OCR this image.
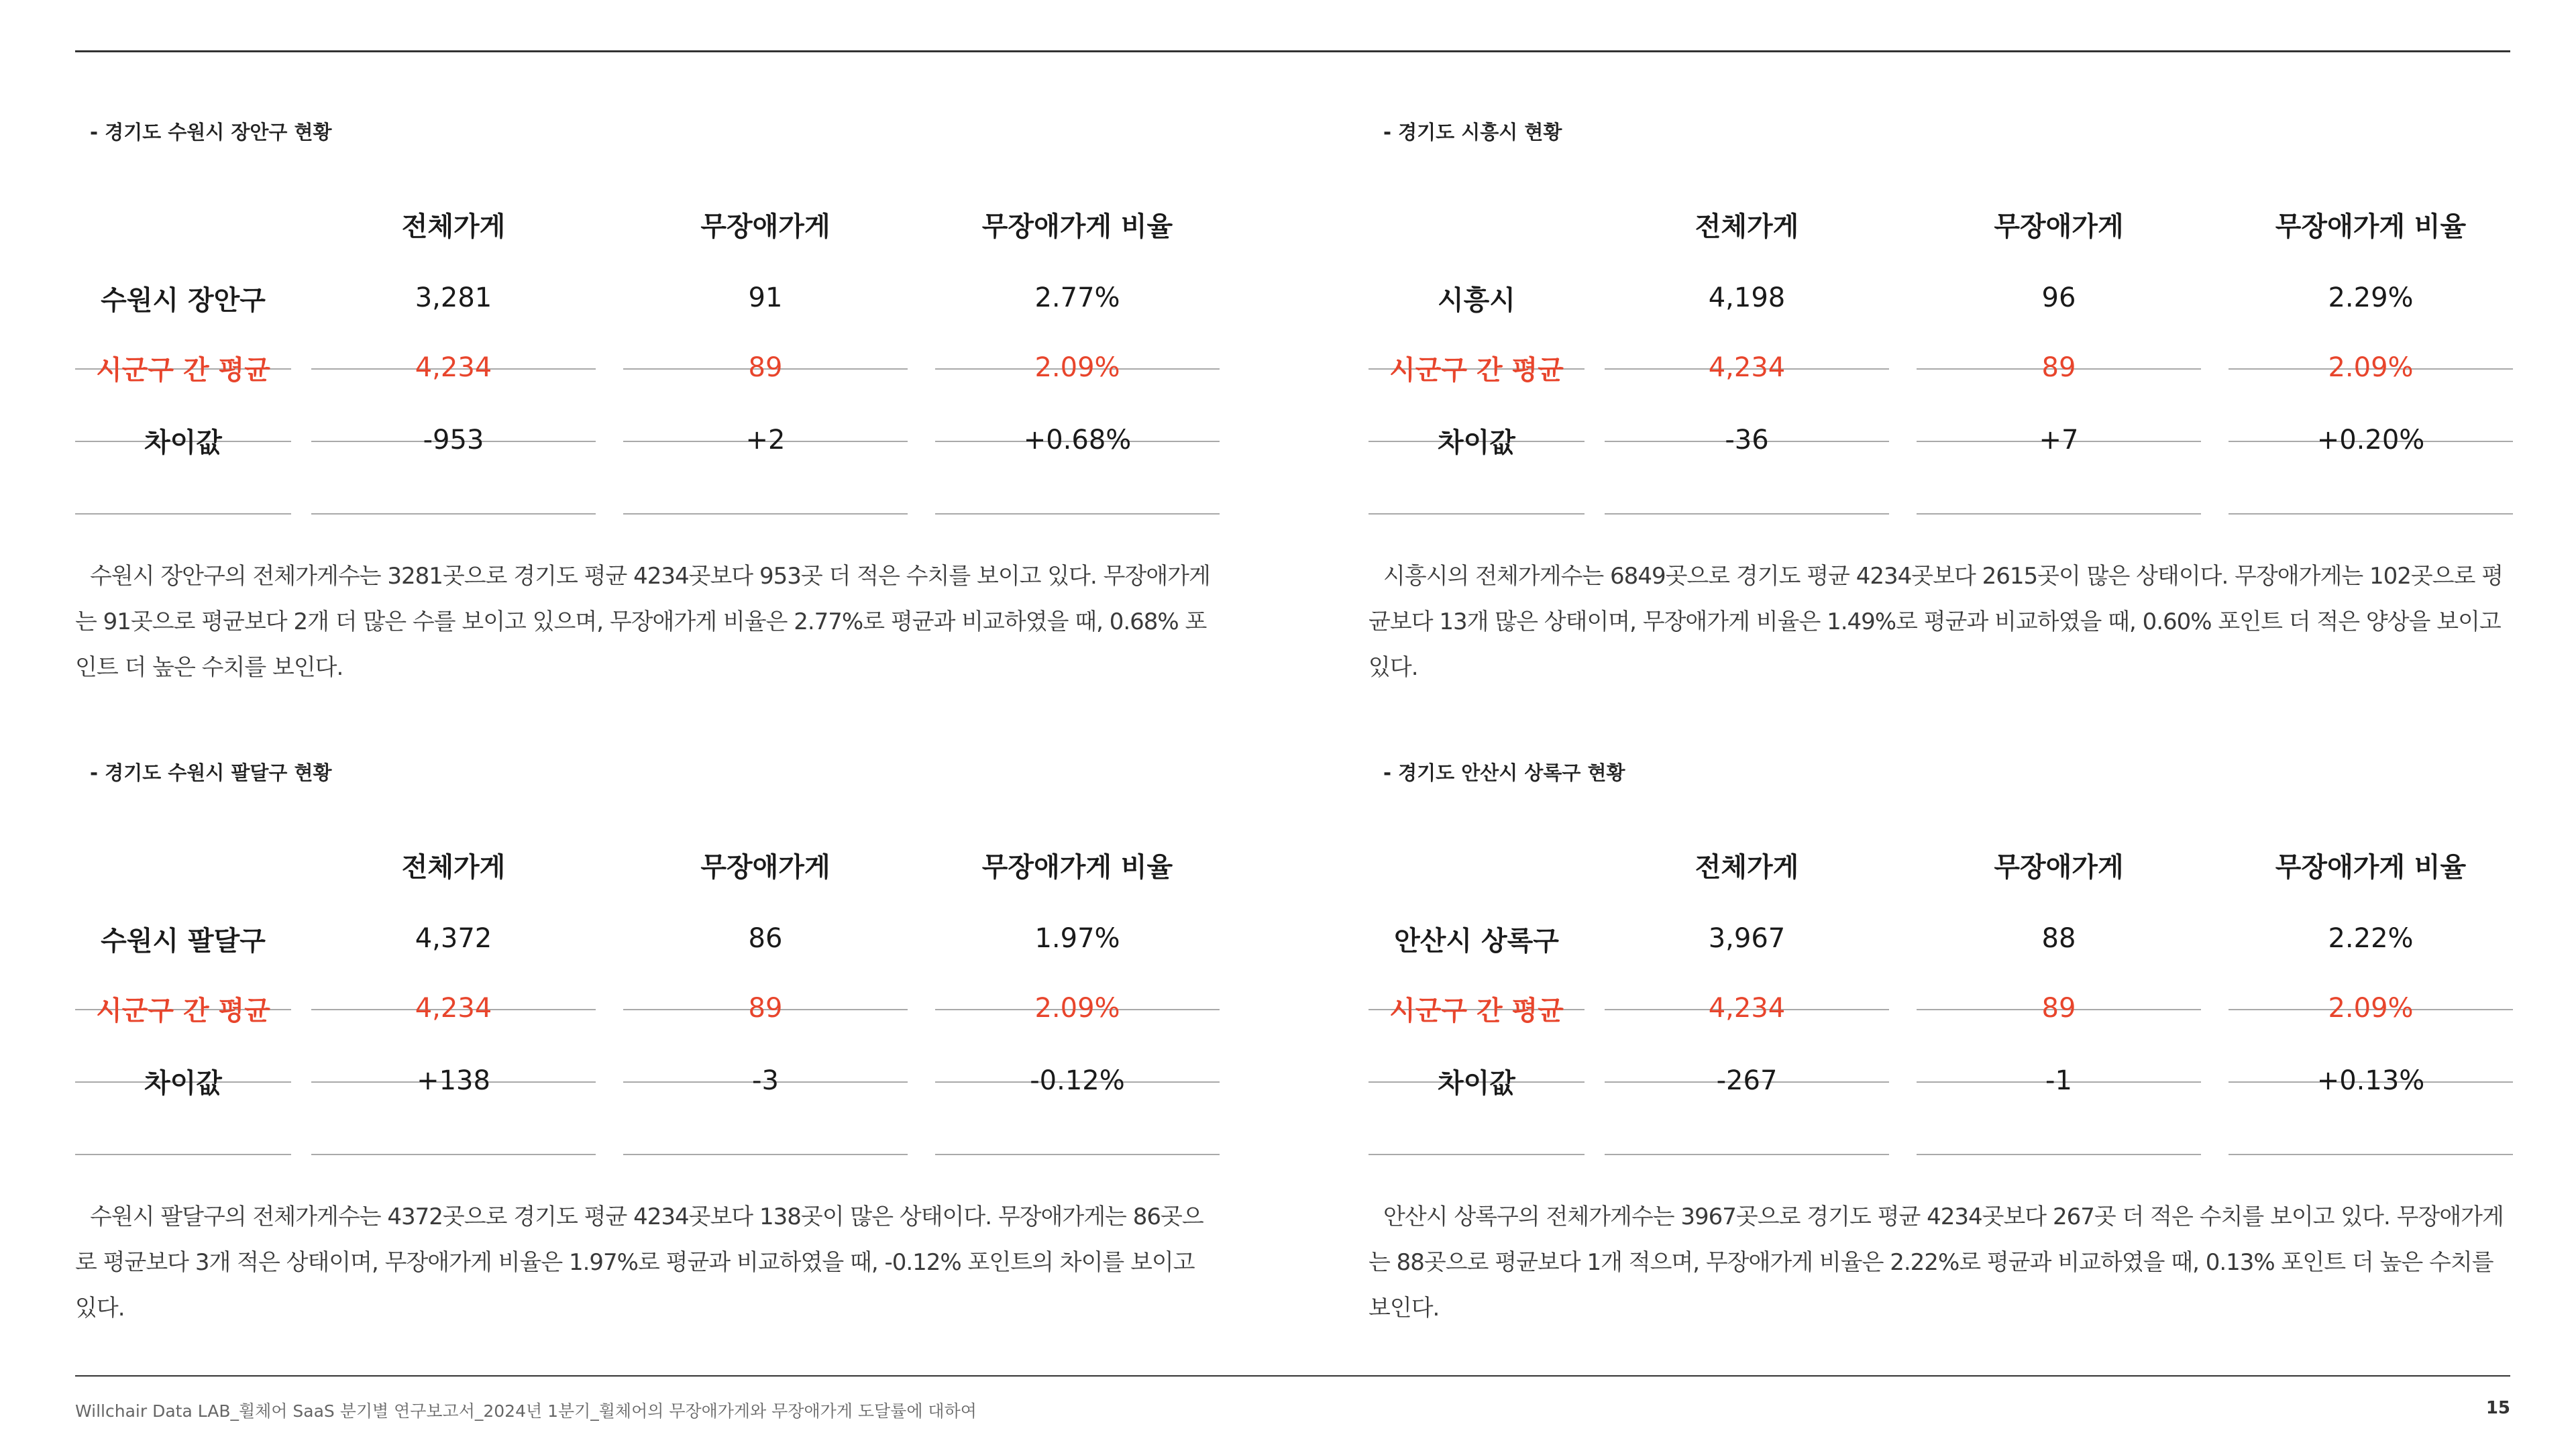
- 경기도 수원시 장안구 현황
수원시 장안구
시군구 간 평균
차이값
전체가게
3,281
4,234
-953
무장애가게
91
89
+2
무장애가게 비율
2.77%
2.09%
+0.68%
수원시 장안구의 전체가게수는 3281곳으로 경기도 평균 4234곳보다 953곳 더 적은 수치를 보이고 있다. 무장애가게는 91곳으로 평균보다 2개 더 많은 수를 보이고 있으며, 무장애가게 비율은 2.77%로 평균과 비교하였을 때, 0.68% 포인트 더 높은 수치를 보인다.
- 경기도 시흥시 현황
시흥시
시군구 간 평균
차이값
전체가게
4,198
4,234
-36
무장애가게
96
89
+7
무장애가게 비율
2.29%
2.09%
+0.20%
시흥시의 전체가게수는 6849곳으로 경기도 평균 4234곳보다 2615곳이 많은 상태이다. 무장애가게는 102곳으로 평균보다 13개 많은 상태이며, 무장애가게 비율은 1.49%로 평균과 비교하였을 때, 0.60% 포인트 더 적은 양상을 보이고 있다.
- 경기도 수원시 팔달구 현황
수원시 팔달구
시군구 간 평균
차이값
전체가게
4,372
4,234
+138
무장애가게
86
89
-3
무장애가게 비율
1.97%
2.09%
-0.12%
수원시 팔달구의 전체가게수는 4372곳으로 경기도 평균 4234곳보다 138곳이 많은 상태이다. 무장애가게는 86곳으로 평균보다 3개 적은 상태이며, 무장애가게 비율은 1.97%로 평균과 비교하였을 때, -0.12% 포인트의 차이를 보이고 있다.
- 경기도 안산시 상록구 현황
안산시 상록구
시군구 간 평균
차이값
전체가게
3,967
4,234
-267
무장애가게
88
89
-1
무장애가게 비율
2.22%
2.09%
+0.13%
안산시 상록구의 전체가게수는 3967곳으로 경기도 평균 4234곳보다 267곳 더 적은 수치를 보이고 있다. 무장애가게는 88곳으로 평균보다 1개 적으며, 무장애가게 비율은 2.22%로 평균과 비교하였을 때, 0.13% 포인트 더 높은 수치를 보인다.
Willchair Data LAB_휠체어 SaaS 분기별 연구보고서_2024년 1분기_휠체어의 무장애가게와 무장애가게 도달률에 대하여	15
